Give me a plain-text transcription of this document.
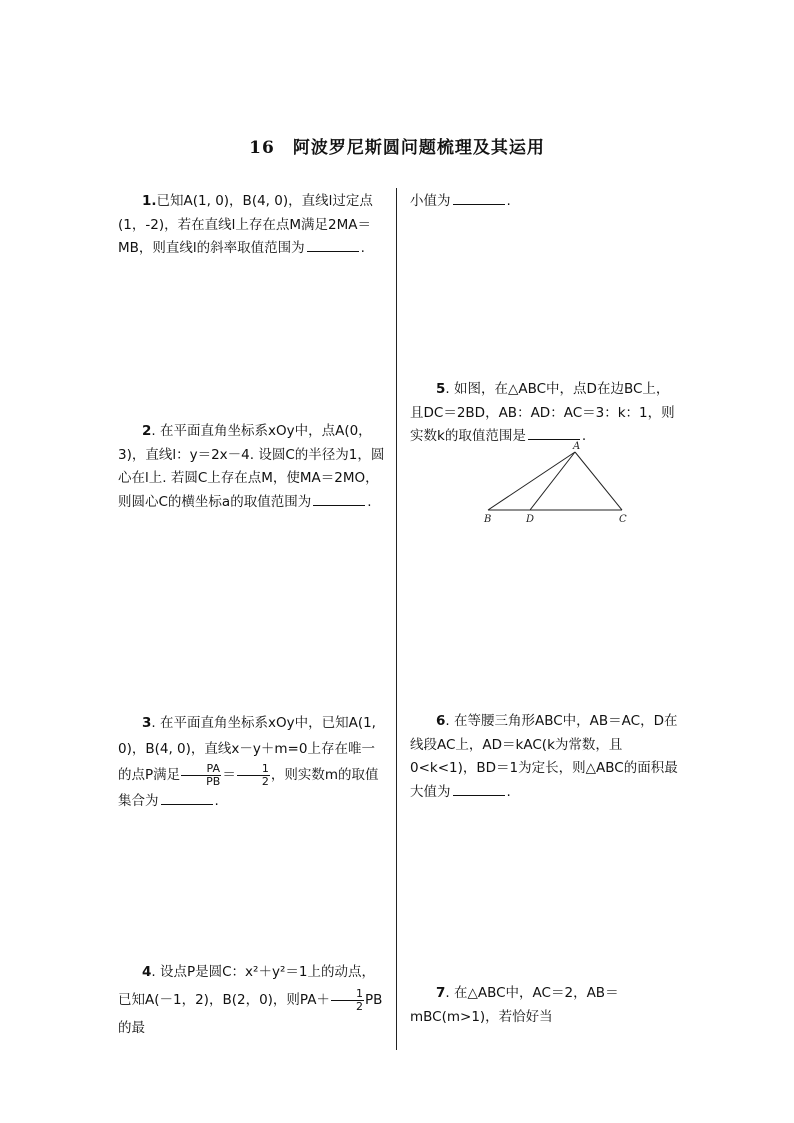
16 阿波罗尼斯圆问题梳理及其运用
1.已知A(1, 0)，B(4, 0)，直线l过定点(1，-2)，若在直线l上存在点M满足2MA＝MB，则直线l的斜率取值范围为	.
2. 在平面直角坐标系xOy中，点A(0，3)，直线l：y＝2x－4. 设圆C的半径为1，圆心在l上. 若圆C上存在点M，使MA＝2MO，则圆心C的横坐标a的取值范围为	.
3. 在平面直角坐标系xOy中，已知A(1, 0)，B(4, 0)，直线x－y＋m=0上存在唯一的点P满足 $\frac{PA}{PB} = \frac{1}{2}$ ，则实数m的取值集合为	.
4. 设点P是圆C：x²＋y²＝1上的动点，已知A(－1，2)，B(2，0)，则$PA+ \frac{1}{2}$ PB的最
小值为	.
5. 如图，在△ABC中，点D在边BC上，且DC＝2BD，AB：AD：AC＝3：k：1，则实数k的取值范围是	.
A
B	D	C
6. 在等腰三角形ABC中，AB＝AC，D在线段AC上，AD＝kAC(k为常数，且0<k<1)，BD＝1为定长，则△ABC的面积最大值为	.
7. 在△ABC中，AC＝2，AB＝mBC(m>1)，若恰好当
